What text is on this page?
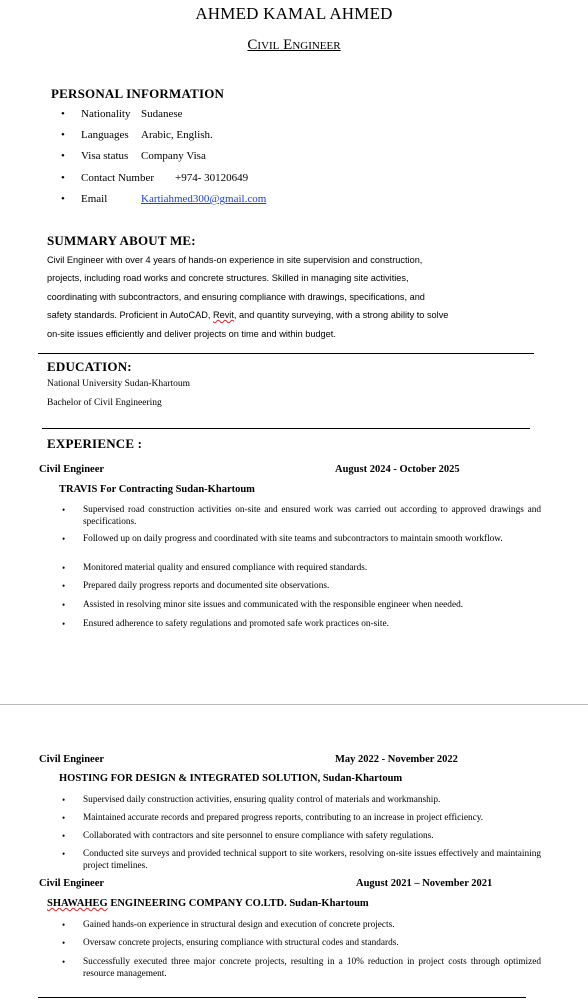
AHMED KAMAL AHMED
Civil Engineer
PERSONAL INFORMATION
• Nationality Sudanese
• Languages Arabic, English.
• Visa status Company Visa
• Contact Number +974- 30120649
• Email	Kartiahmed300@gmail.com
SUMMARY ABOUT ME:
Civil Engineer with over 4 years of hands-on experience in site supervision and construction,
projects, including road works and concrete structures. Skilled in managing site activities,
coordinating with subcontractors, and ensuring compliance with drawings, specifications, and
safety standards. Proficient in AutoCAD, Revit, and quantity surveying, with a strong ability to solve
on-site issues efficiently and deliver projects on time and within budget.
EDUCATION:
National University Sudan-Khartoum
Bachelor of Civil Engineering
EXPERIENCE :
Civil Engineer	August 2024 - October 2025
TRAVIS For Contracting Sudan-Khartoum
• Supervised road construction activities on-site and ensured work was carried out according to approved drawings and specifications.
• Followed up on daily progress and coordinated with site teams and subcontractors to maintain smooth workflow.
• Monitored material quality and ensured compliance with required standards.
• Prepared daily progress reports and documented site observations.
• Assisted in resolving minor site issues and communicated with the responsible engineer when needed.
• Ensured adherence to safety regulations and promoted safe work practices on-site.
Civil Engineer	May 2022 - November 2022
HOSTING FOR DESIGN & INTEGRATED SOLUTION, Sudan-Khartoum
• Supervised daily construction activities, ensuring quality control of materials and workmanship.
• Maintained accurate records and prepared progress reports, contributing to an increase in project efficiency.
• Collaborated with contractors and site personnel to ensure compliance with safety regulations.
• Conducted site surveys and provided technical support to site workers, resolving on-site issues effectively and maintaining project timelines.
Civil Engineer	August 2021 – November 2021
SHAWAHEG ENGINEERING COMPANY CO.LTD. Sudan-Khartoum
• Gained hands-on experience in structural design and execution of concrete projects.
• Oversaw concrete projects, ensuring compliance with structural codes and standards.
• Successfully executed three major concrete projects, resulting in a 10% reduction in project costs through optimized resource management.
